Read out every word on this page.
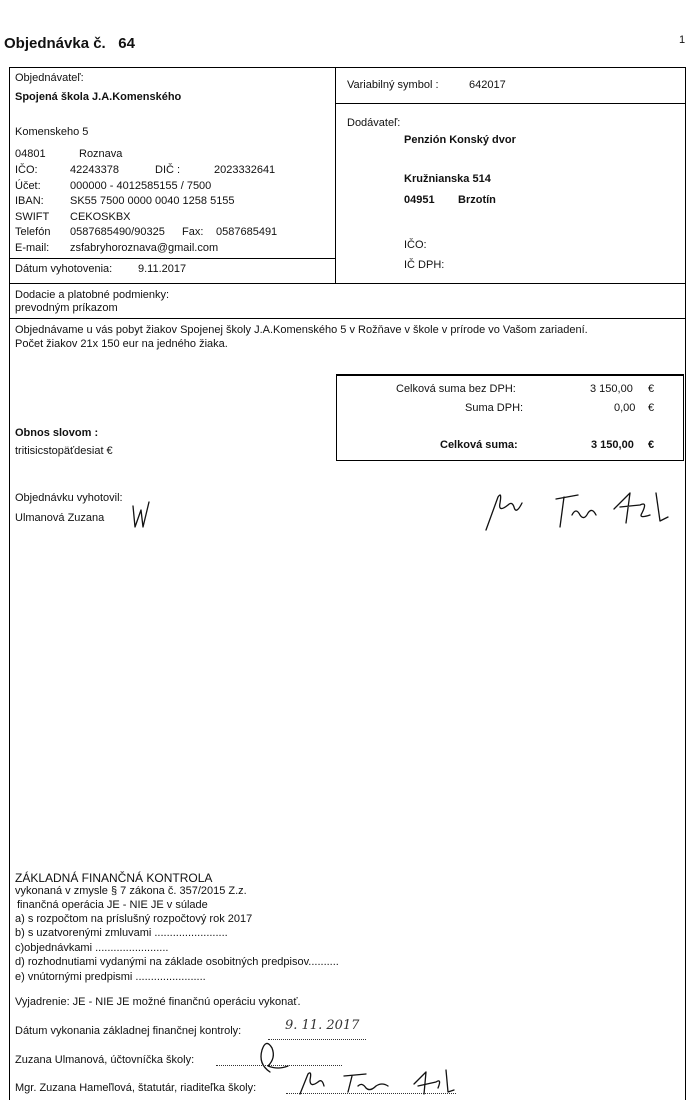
Objednávka č. 64	1
Objednávateľ:
Spojená škola J.A.Komenského
Komenskeho 5
04801	Roznava
IČO:	42243378	DIČ :	2023332641
Účet:	000000 - 4012585155 / 7500
IBAN: SK55 7500 0000 0040 1258 5155
SWIFT CEKOSKBX
Telefón 0587685490/90325 Fax: 0587685491
E-mail: zsfabryhoroznava@gmail.com
Dátum vyhotovenia: 9.11.2017
Variabilný symbol :	642017
Dodávateľ:
Penzión Konský dvor
Kružnianska 514
04951 Brzotín
IČO:
IČ DPH:
Dodacie a platobné podmienky:
prevodným príkazom
Objednávame u vás pobyt žiakov Spojenej školy J.A.Komenského 5 v Rožňave v škole v prírode vo Vašom zariadení.
Počet žiakov 21x 150 eur na jedného žiaka.
Celková suma bez DPH:	3 150,00 €
Suma DPH:	0,00 €
Celková suma:	3 150,00 €
Obnos slovom :
tritisicstopäťdesiat €
Objednávku vyhotovil:
Ulmanová Zuzana
ZÁKLADNÁ FINANČNÁ KONTROLA
vykonaná v zmysle § 7 zákona č. 357/2015 Z.z.
finančná operácia JE - NIE JE v súlade
a) s rozpočtom na príslušný rozpočtový rok 2017
b) s uzatvorenými zmluvami ........................
c)objednávkami ........................
d) rozhodnutiami vydanými na základe osobitných predpisov..........
e) vnútornými predpismi .......................
Vyjadrenie: JE - NIE JE možné finančnú operáciu vykonať.
Dátum vykonania základnej finančnej kontroly:	9. 11. 2017
Zuzana Ulmanová, účtovníčka školy:
Mgr. Zuzana Hameľlová, štatutár, riaditeľka školy:
